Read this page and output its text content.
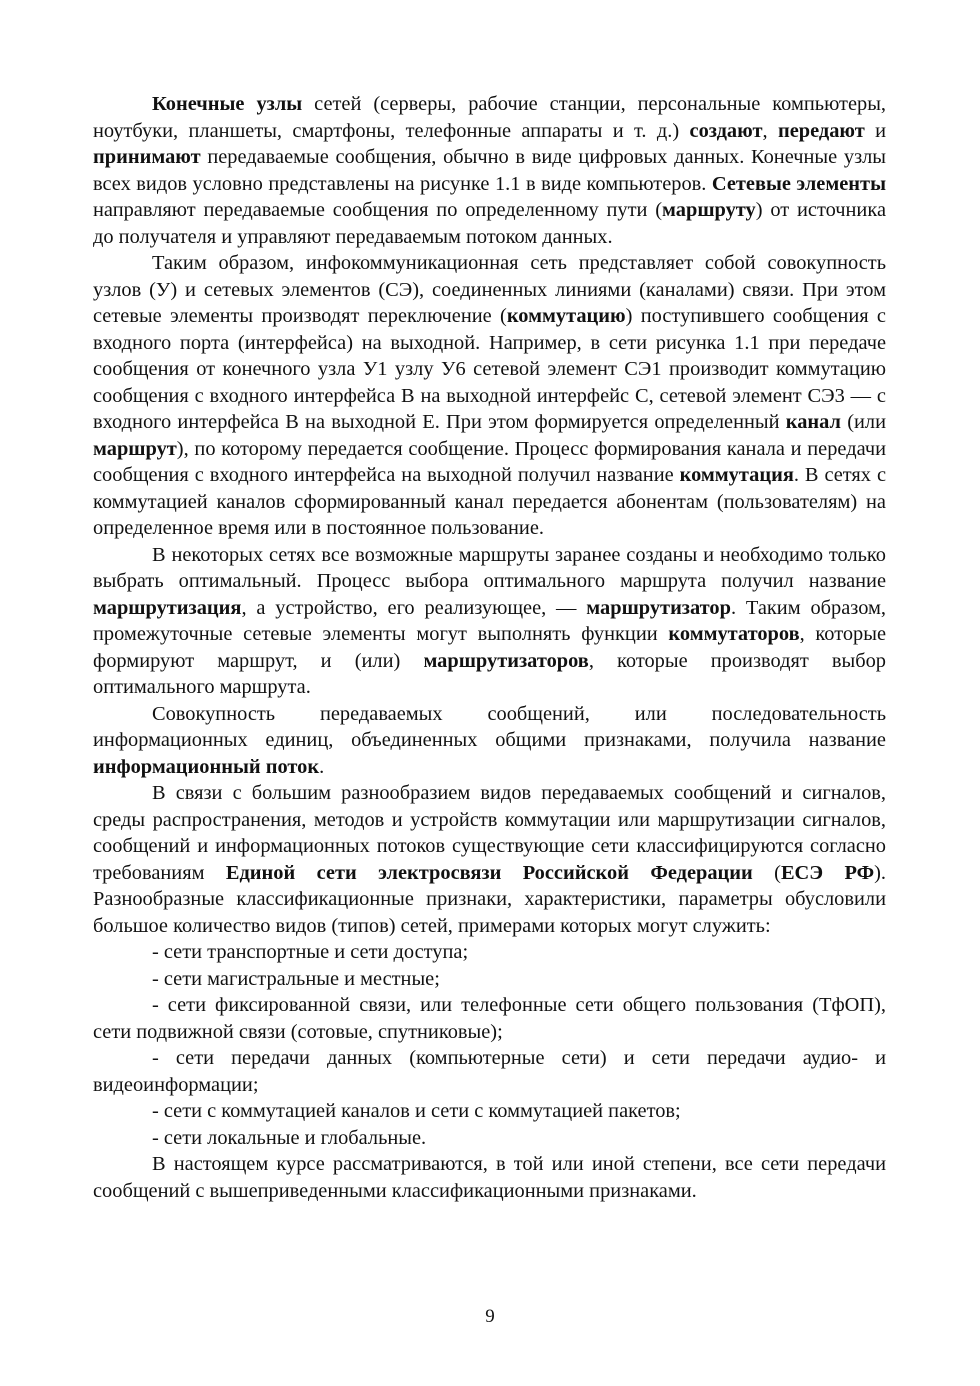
Конечные узлы сетей (серверы, рабочие станции, персональные компьютеры, ноутбуки, планшеты, смартфоны, телефонные аппараты и т. д.) создают, передают и принимают передаваемые сообщения, обычно в виде цифровых данных. Конечные узлы всех видов условно представлены на рисунке 1.1 в виде компьютеров. Сетевые элементы направляют передаваемые сообщения по определенному пути (маршруту) от источника до получателя и управляют передаваемым потоком данных.

Таким образом, инфокоммуникационная сеть представляет собой совокупность узлов (У) и сетевых элементов (СЭ), соединенных линиями (каналами) связи. При этом сетевые элементы производят переключение (коммутацию) поступившего сообщения с входного порта (интерфейса) на выходной. Например, в сети рисунка 1.1 при передаче сообщения от конечного узла У1 узлу У6 сетевой элемент СЭ1 производит коммутацию сообщения с входного интерфейса B на выходной интерфейс С, сетевой элемент СЭ3 — с входного интерфейса B на выходной E. При этом формируется определенный канал (или маршрут), по которому передается сообщение. Процесс формирования канала и передачи сообщения с входного интерфейса на выходной получил название коммутация. В сетях с коммутацией каналов сформированный канал передается абонентам (пользователям) на определенное время или в постоянное пользование.

В некоторых сетях все возможные маршруты заранее созданы и необходимо только выбрать оптимальный. Процесс выбора оптимального маршрута получил название маршрутизация, а устройство, его реализующее, — маршрутизатор. Таким образом, промежуточные сетевые элементы могут выполнять функции коммутаторов, которые формируют маршрут, и (или) маршрутизаторов, которые производят выбор оптимального маршрута.

Совокупность передаваемых сообщений, или последовательность информационных единиц, объединенных общими признаками, получила название информационный поток.

В связи с большим разнообразием видов передаваемых сообщений и сигналов, среды распространения, методов и устройств коммутации или маршрутизации сигналов, сообщений и информационных потоков существующие сети классифицируются согласно требованиям Единой сети электросвязи Российской Федерации (ЕСЭ РФ). Разнообразные классификационные признаки, характеристики, параметры обусловили большое количество видов (типов) сетей, примерами которых могут служить:

- сети транспортные и сети доступа;

- сети магистральные и местные;

- сети фиксированной связи, или телефонные сети общего пользования (ТфОП), сети подвижной связи (сотовые, спутниковые);

- сети передачи данных (компьютерные сети) и сети передачи аудио- и видеоинформации;

- сети с коммутацией каналов и сети с коммутацией пакетов;

- сети локальные и глобальные.

В настоящем курсе рассматриваются, в той или иной степени, все сети передачи сообщений с вышеприведенными классификационными признаками.

9
